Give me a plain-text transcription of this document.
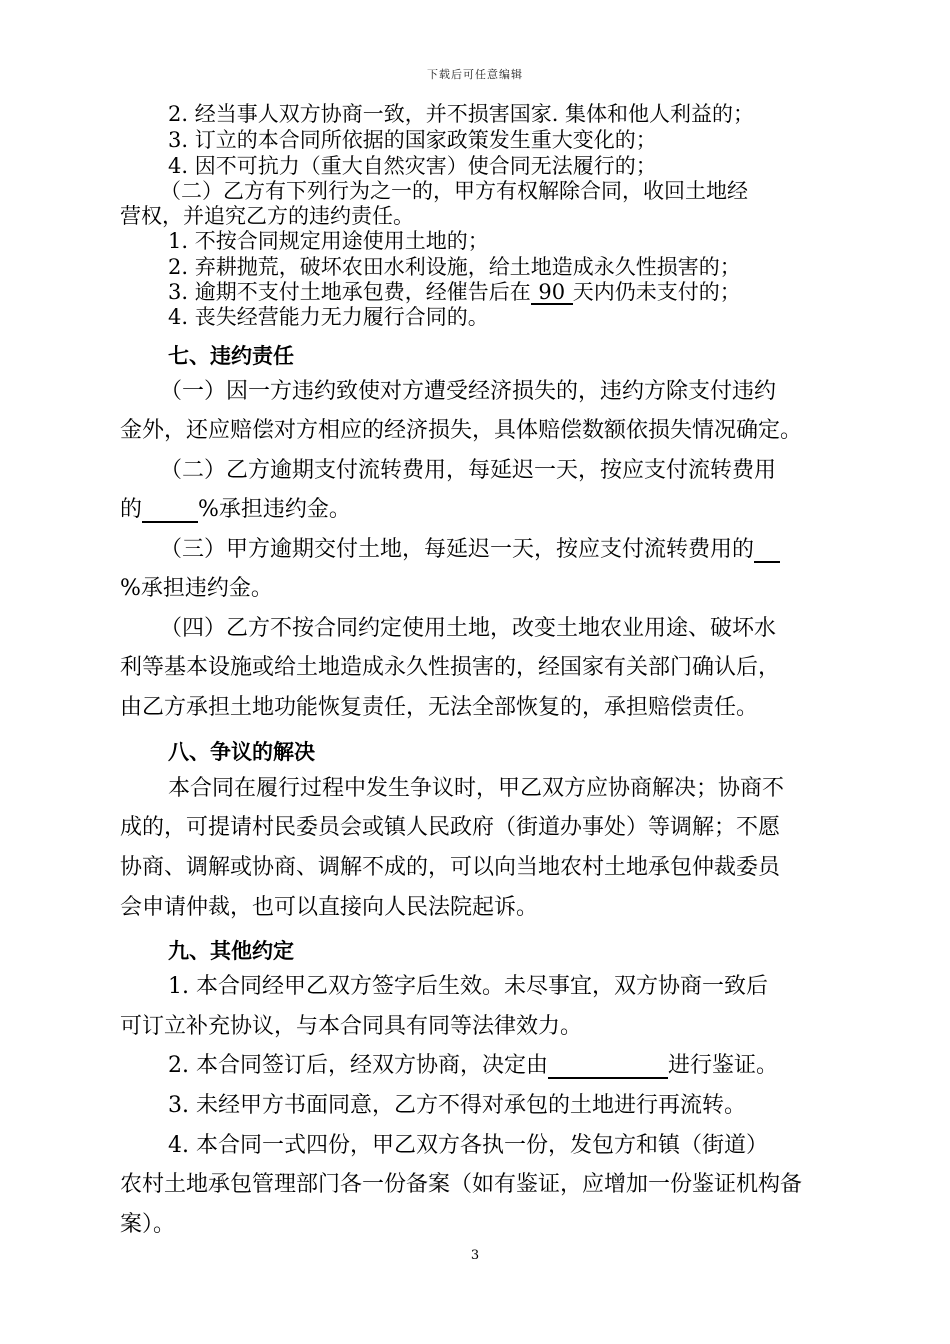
下载后可任意编辑
2. 经当事人双方协商一致，并不损害国家. 集体和他人利益的；
3. 订立的本合同所依据的国家政策发生重大变化的；
4. 因不可抗力（重大自然灾害）使合同无法履行的；
（二）乙方有下列行为之一的，甲方有权解除合同，收回土地经
营权，并追究乙方的违约责任。
1. 不按合同规定用途使用土地的；
2. 弃耕抛荒，破坏农田水利设施，给土地造成永久性损害的；
3. 逾期不支付土地承包费，经催告后在 90 天内仍未支付的；
4. 丧失经营能力无力履行合同的。
七、违约责任
（一）因一方违约致使对方遭受经济损失的，违约方除支付违约
金外，还应赔偿对方相应的经济损失，具体赔偿数额依损失情况确定。
（二）乙方逾期支付流转费用，每延迟一天，按应支付流转费用
的	%承担违约金。
（三）甲方逾期交付土地，每延迟一天，按应支付流转费用的
%承担违约金。
（四）乙方不按合同约定使用土地，改变土地农业用途、破坏水
利等基本设施或给土地造成永久性损害的，经国家有关部门确认后，
由乙方承担土地功能恢复责任，无法全部恢复的，承担赔偿责任。
八、争议的解决
本合同在履行过程中发生争议时，甲乙双方应协商解决；协商不
成的，可提请村民委员会或镇人民政府（街道办事处）等调解；不愿
协商、调解或协商、调解不成的，可以向当地农村土地承包仲裁委员
会申请仲裁，也可以直接向人民法院起诉。
九、其他约定
1. 本合同经甲乙双方签字后生效。未尽事宜，双方协商一致后
可订立补充协议，与本合同具有同等法律效力。
2. 本合同签订后，经双方协商，决定由	进行鉴证。
3. 未经甲方书面同意，乙方不得对承包的土地进行再流转。
4. 本合同一式四份，甲乙双方各执一份，发包方和镇（街道）
农村土地承包管理部门各一份备案（如有鉴证，应增加一份鉴证机构备
案）。
3
